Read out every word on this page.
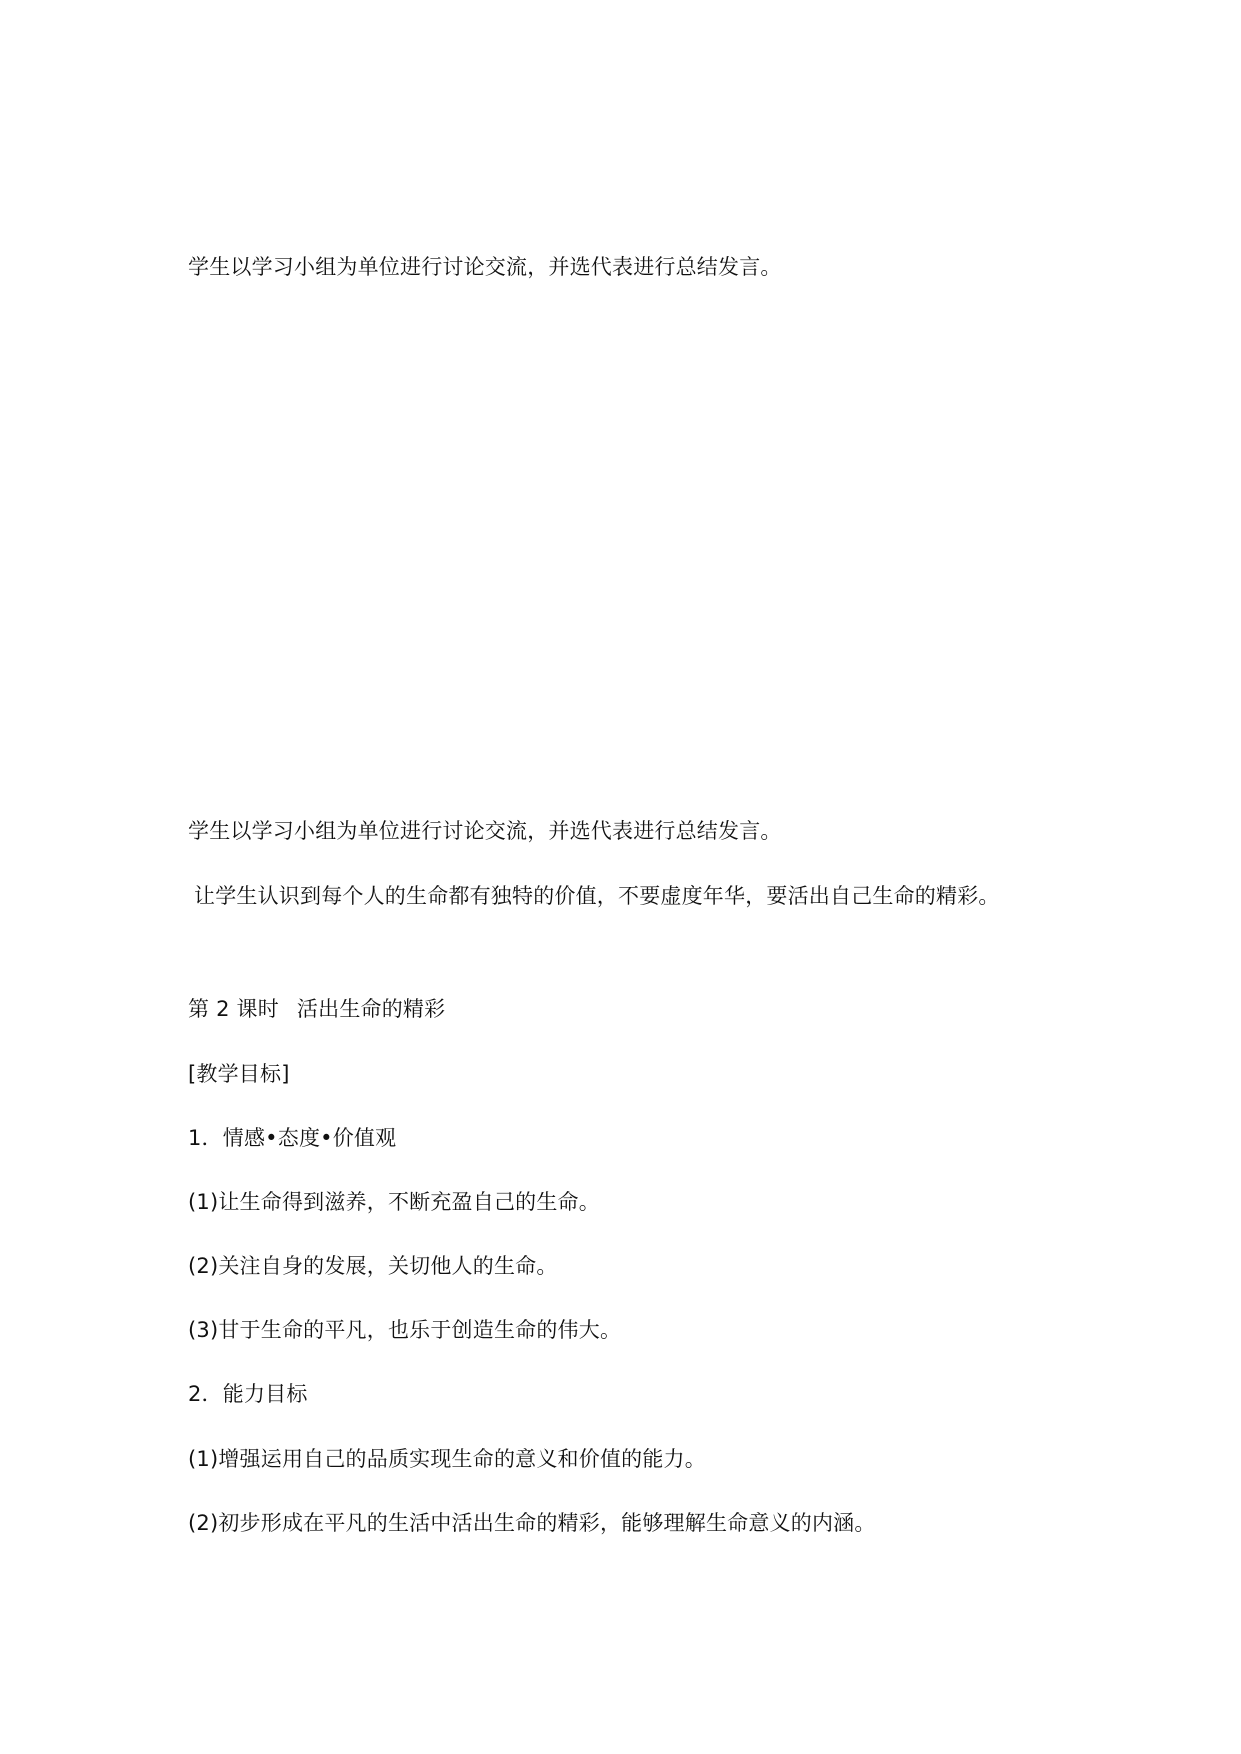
学生以学习小组为单位进行讨论交流，并选代表进行总结发言。
学生以学习小组为单位进行讨论交流，并选代表进行总结发言。
让学生认识到每个人的生命都有独特的价值，不要虚度年华，要活出自己生命的精彩。
第 2 课时 活出生命的精彩
[教学目标]
1．情感•态度•价值观
(1)让生命得到滋养，不断充盈自己的生命。
(2)关注自身的发展，关切他人的生命。
(3)甘于生命的平凡，也乐于创造生命的伟大。
2．能力目标
(1)增强运用自己的品质实现生命的意义和价值的能力。
(2)初步形成在平凡的生活中活出生命的精彩，能够理解生命意义的内涵。
